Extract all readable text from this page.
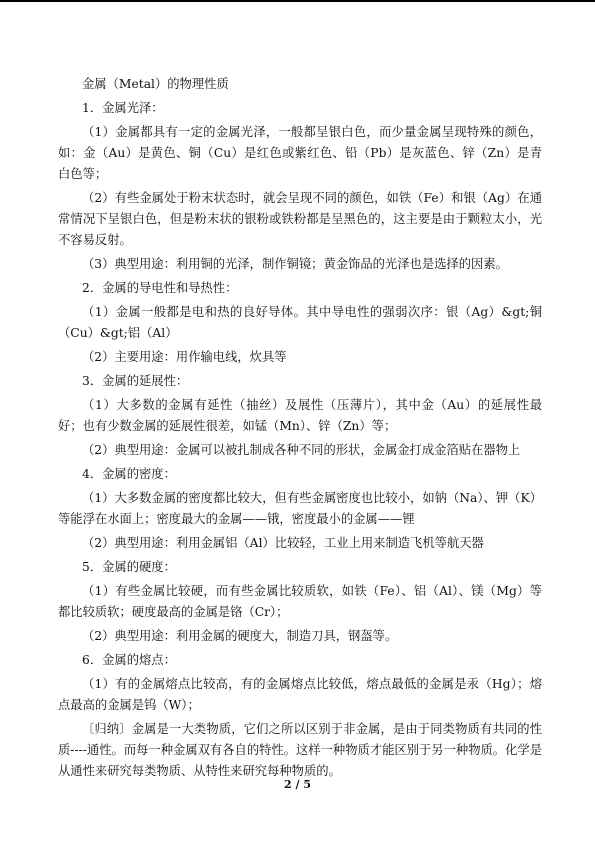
金属（Metal）的物理性质

1．金属光泽：

（1）金属都具有一定的金属光泽，一般都呈银白色，而少量金属呈现特殊的颜色，如：金（Au）是黄色、铜（Cu）是红色或紫红色、铅（Pb）是灰蓝色、锌（Zn）是青白色等；

（2）有些金属处于粉末状态时，就会呈现不同的颜色，如铁（Fe）和银（Ag）在通常情况下呈银白色，但是粉末状的银粉或铁粉都是呈黑色的，这主要是由于颗粒太小，光不容易反射。

（3）典型用途：利用铜的光泽，制作铜镜；黄金饰品的光泽也是选择的因素。

2．金属的导电性和导热性：

（1）金属一般都是电和热的良好导体。其中导电性的强弱次序：银（Ag）&gt;铜（Cu）&gt;铝（Al）

（2）主要用途：用作输电线，炊具等

3．金属的延展性：

（1）大多数的金属有延性（抽丝）及展性（压薄片），其中金（Au）的延展性最好；也有少数金属的延展性很差，如锰（Mn）、锌（Zn）等；

（2）典型用途：金属可以被扎制成各种不同的形状，金属金打成金箔贴在器物上

4．金属的密度：

（1）大多数金属的密度都比较大，但有些金属密度也比较小，如钠（Na）、钾（K）等能浮在水面上；密度最大的金属——锇，密度最小的金属——锂

（2）典型用途：利用金属铝（Al）比较轻，工业上用来制造飞机等航天器

5．金属的硬度：

（1）有些金属比较硬，而有些金属比较质软，如铁（Fe）、铝（Al）、镁（Mg）等都比较质软；硬度最高的金属是铬（Cr）；

（2）典型用途：利用金属的硬度大，制造刀具，钢盔等。

6．金属的熔点：

（1）有的金属熔点比较高，有的金属熔点比较低，熔点最低的金属是汞（Hg）；熔点最高的金属是钨（W）；

〔归纳〕金属是一大类物质，它们之所以区别于非金属，是由于同类物质有共同的性质----通性。而每一种金属双有各自的特性。这样一种物质才能区别于另一种物质。化学是从通性来研究每类物质、从特性来研究每种物质的。

2 / 5
